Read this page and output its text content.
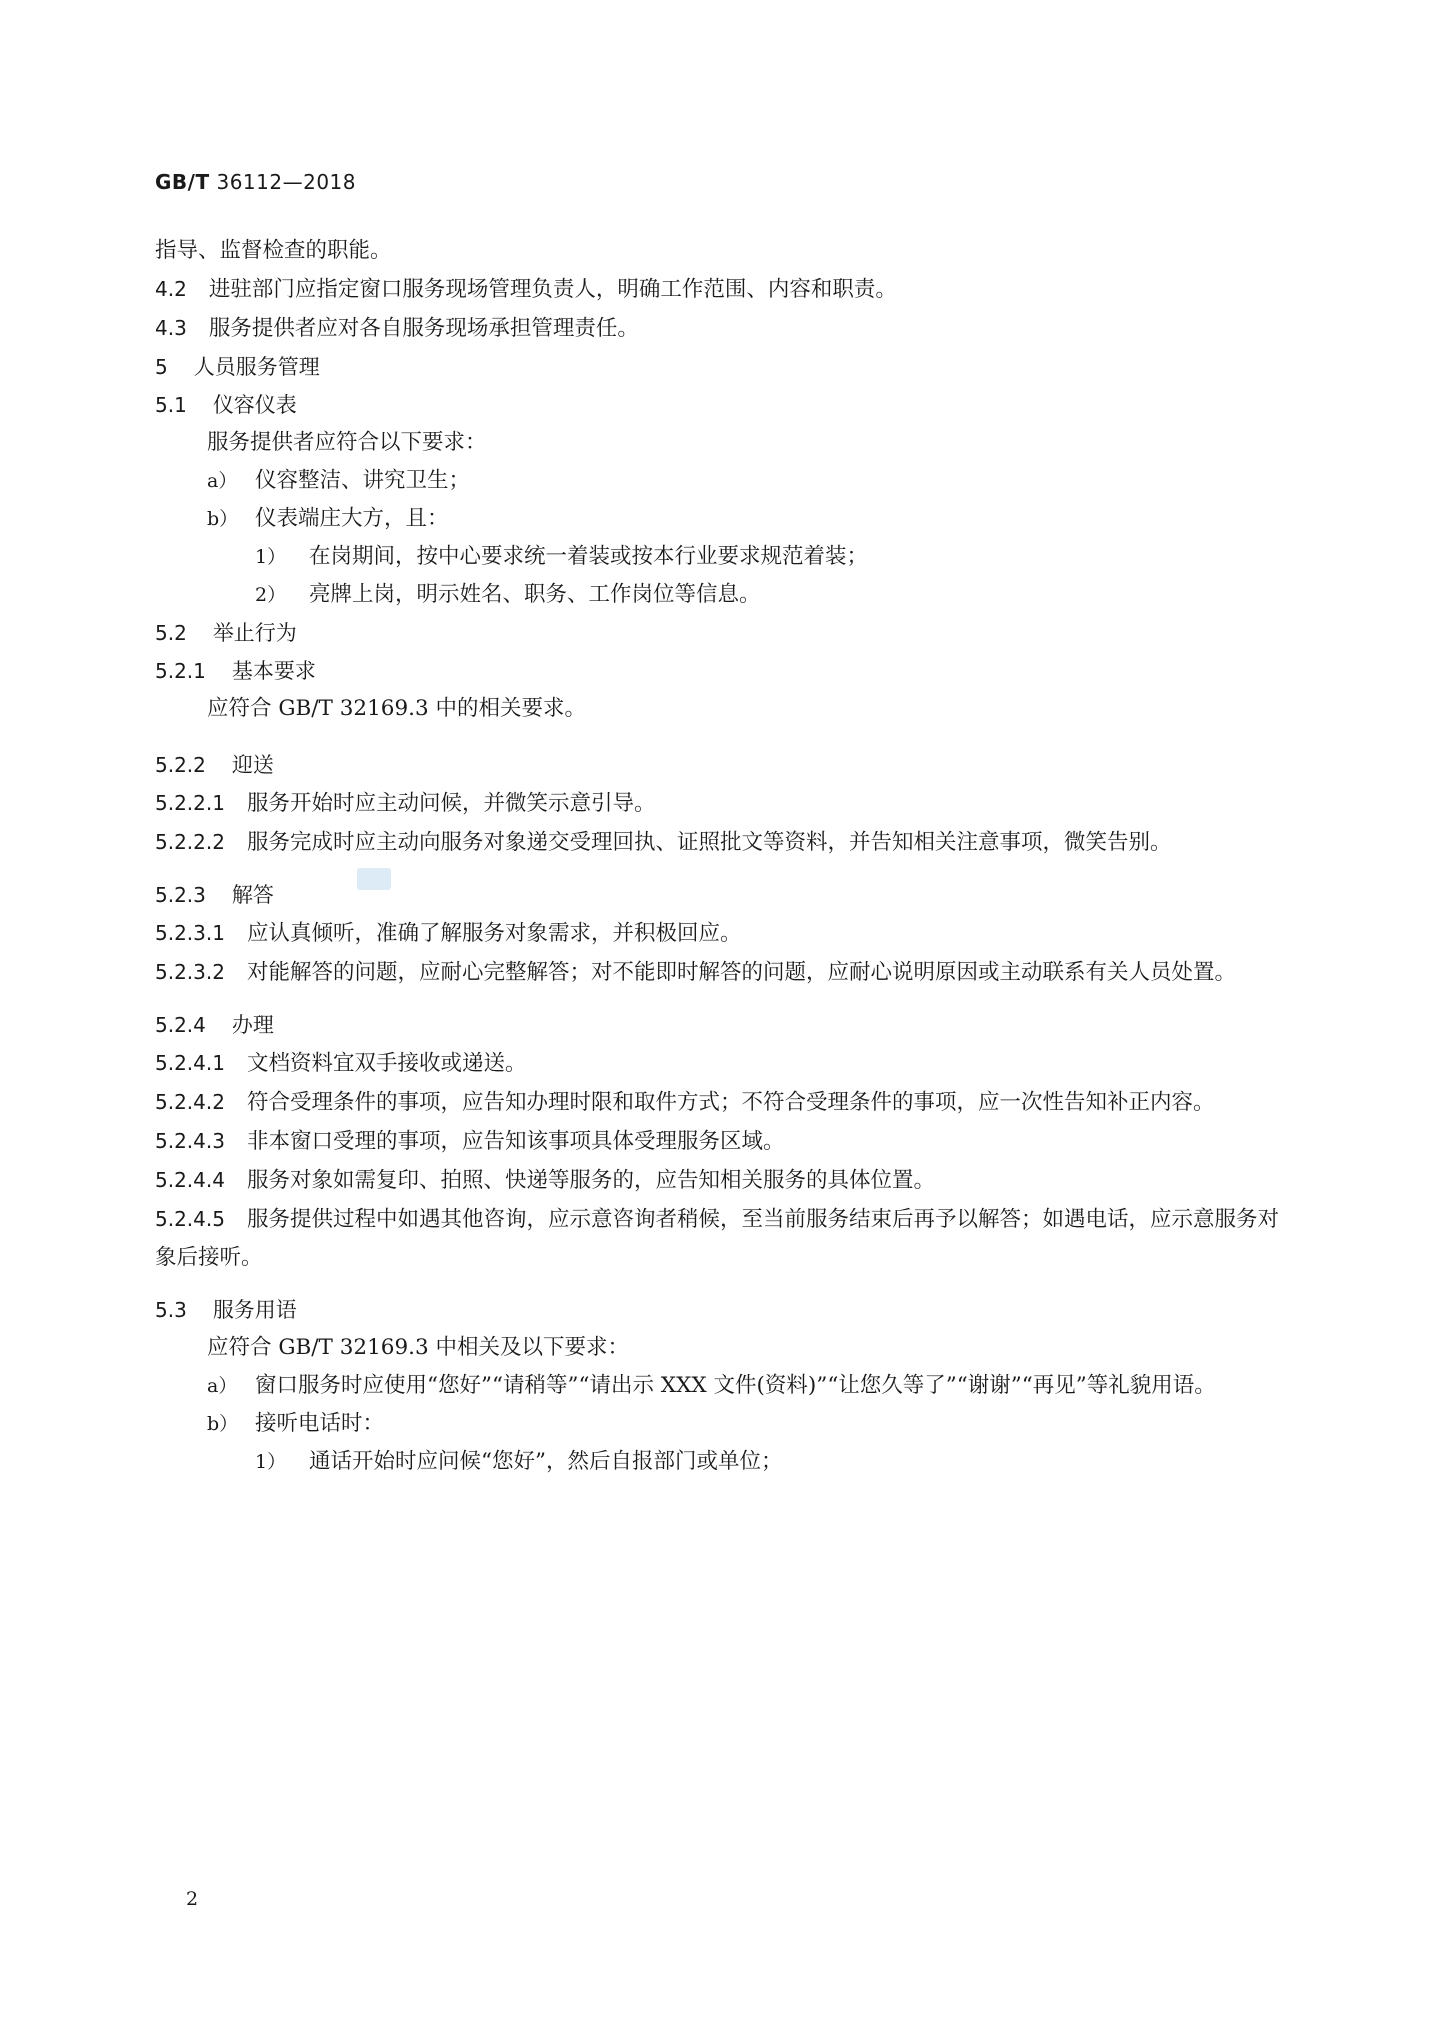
GB/T 36112—2018

指导、监督检查的职能。

4.2 进驻部门应指定窗口服务现场管理负责人，明确工作范围、内容和职责。

4.3 服务提供者应对各自服务现场承担管理责任。

5 人员服务管理
5.1 仪容仪表

服务提供者应符合以下要求：

a） 仪容整洁、讲究卫生；

b） 仪表端庄大方，且：

1） 在岗期间，按中心要求统一着装或按本行业要求规范着装；

2） 亮牌上岗，明示姓名、职务、工作岗位等信息。

5.2 举止行为
5.2.1 基本要求

应符合 GB/T 32169.3 中的相关要求。

5.2.2 迎送

5.2.2.1 服务开始时应主动问候，并微笑示意引导。

5.2.2.2 服务完成时应主动向服务对象递交受理回执、证照批文等资料，并告知相关注意事项，微笑告别。

5.2.3 解答

5.2.3.1 应认真倾听，准确了解服务对象需求，并积极回应。

5.2.3.2 对能解答的问题，应耐心完整解答；对不能即时解答的问题，应耐心说明原因或主动联系有关人员处置。

5.2.4 办理

5.2.4.1 文档资料宜双手接收或递送。

5.2.4.2 符合受理条件的事项，应告知办理时限和取件方式；不符合受理条件的事项，应一次性告知补正内容。

5.2.4.3 非本窗口受理的事项，应告知该事项具体受理服务区域。

5.2.4.4 服务对象如需复印、拍照、快递等服务的，应告知相关服务的具体位置。

5.2.4.5 服务提供过程中如遇其他咨询，应示意咨询者稍候，至当前服务结束后再予以解答；如遇电话，应示意服务对象后接听。

5.3 服务用语

应符合 GB/T 32169.3 中相关及以下要求：

a） 窗口服务时应使用“您好”“请稍等”“请出示 XXX 文件(资料)”“让您久等了”“谢谢”“再见”等礼貌用语。

b） 接听电话时：

1） 通话开始时应问候“您好”，然后自报部门或单位；

2
